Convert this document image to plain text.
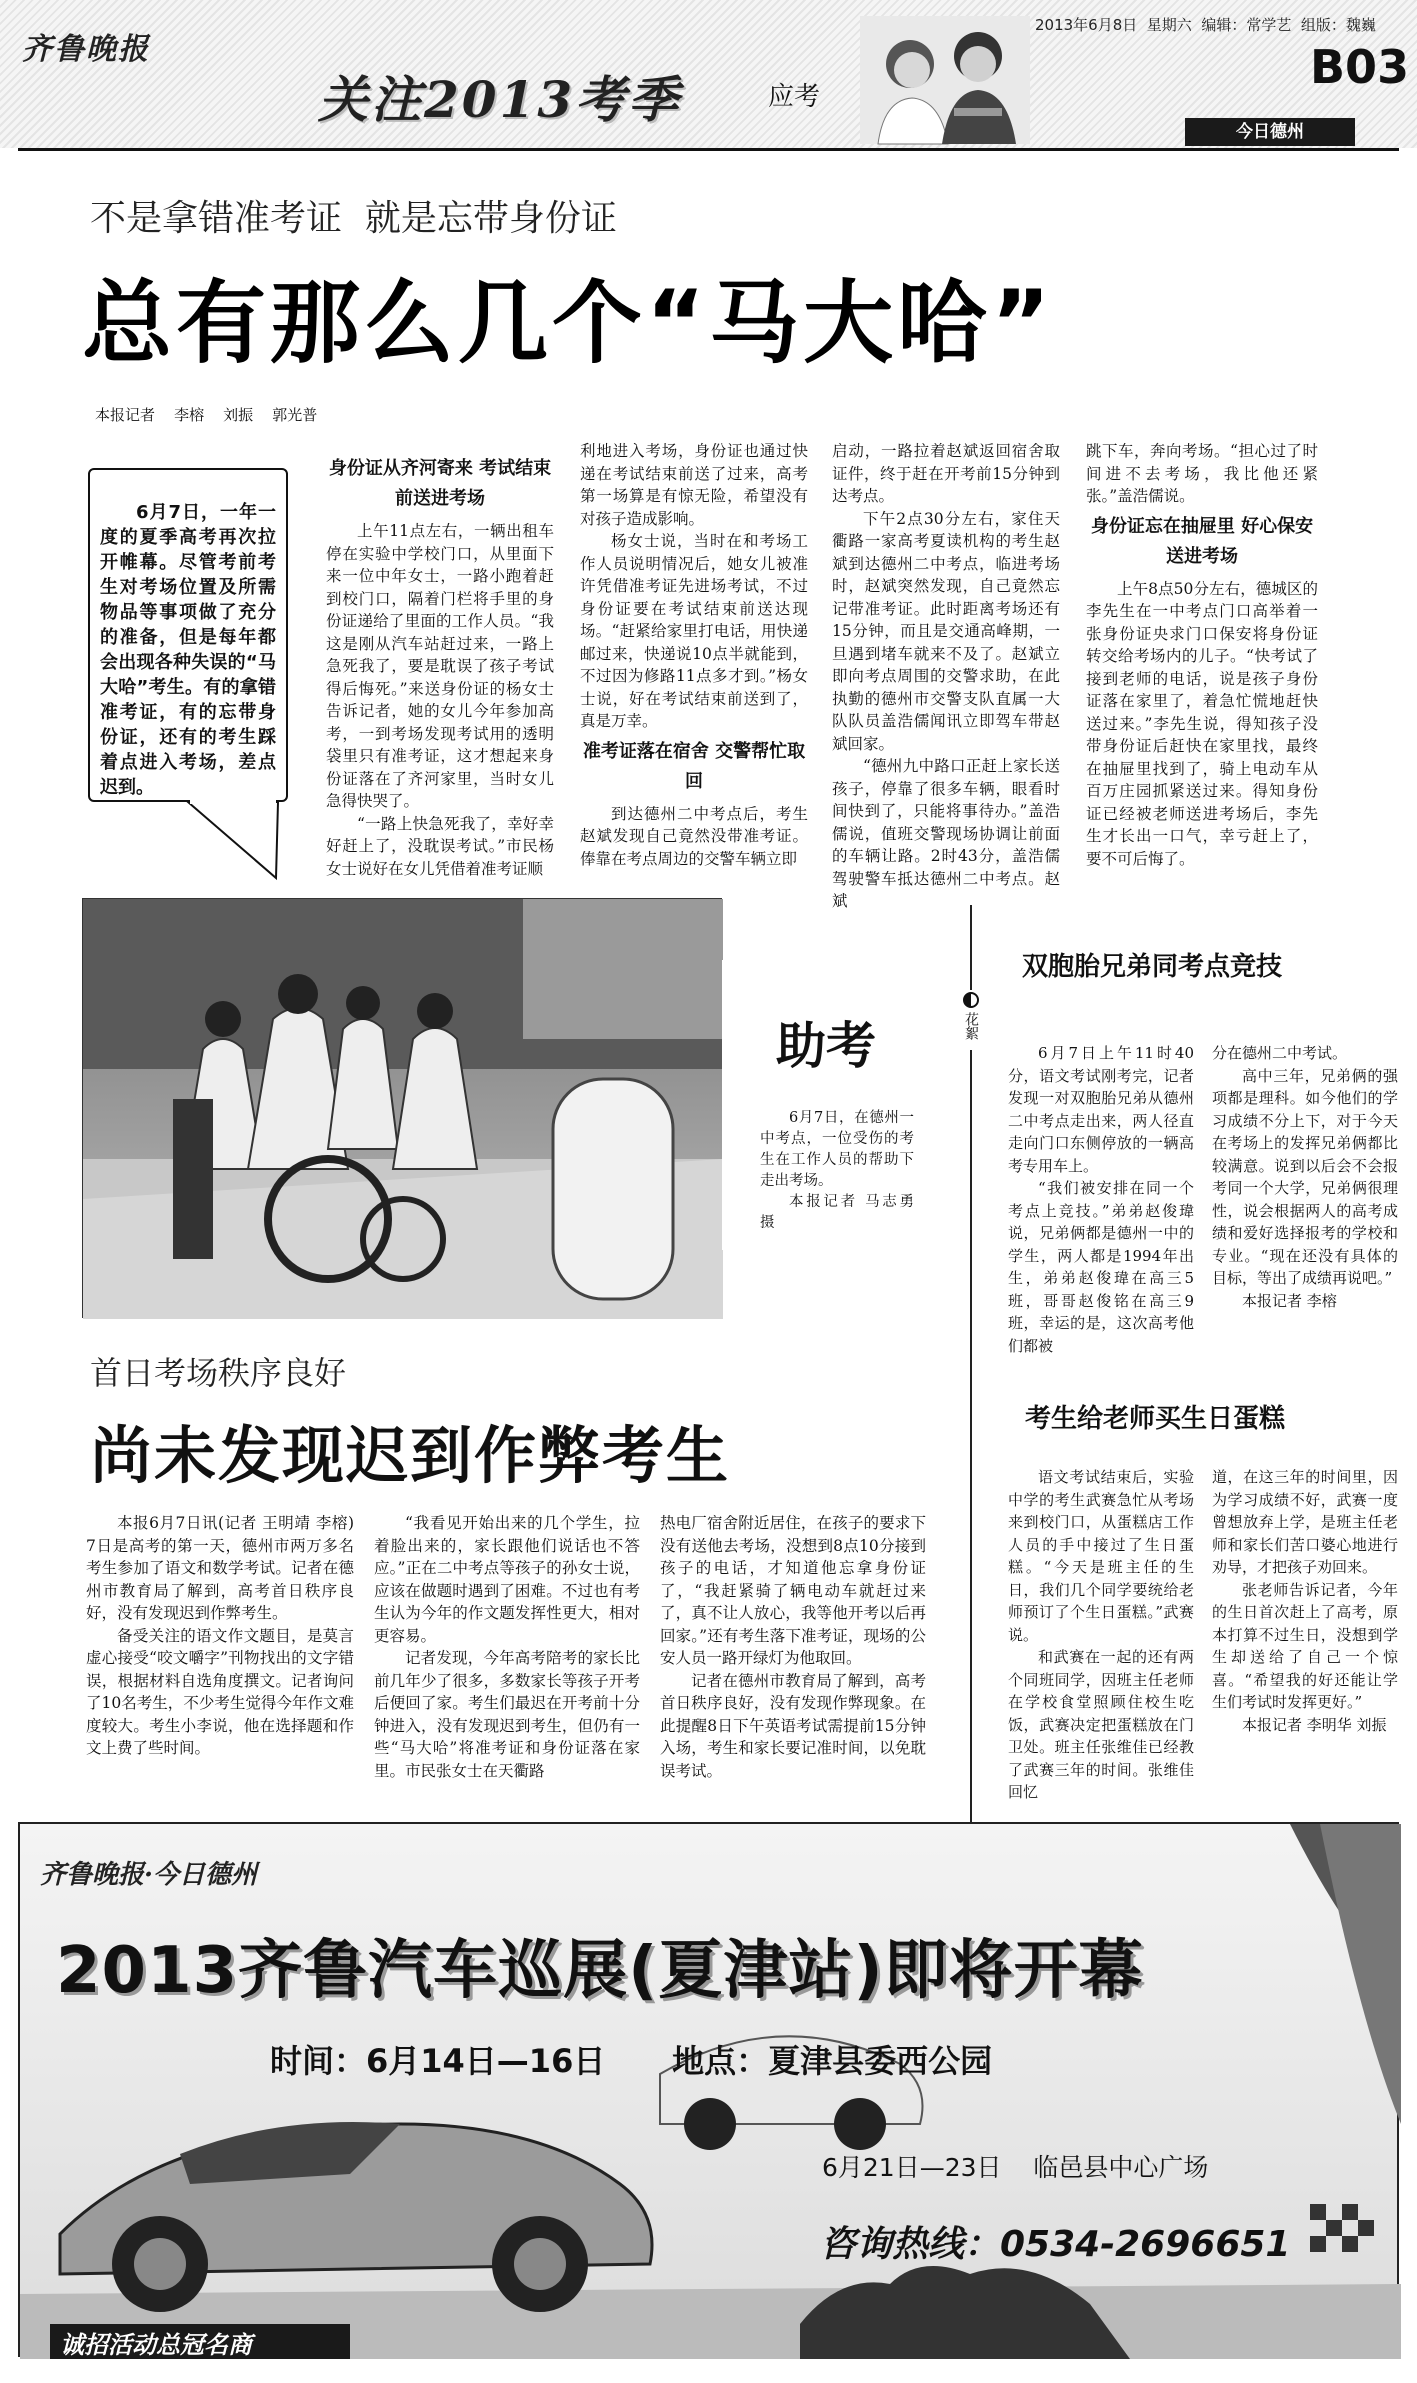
齐鲁晚报
关注2013考季	应考
2013年6月8日  星期六  编辑：常学艺  组版：魏巍
B03
今日德州
不是拿错准考证  就是忘带身份证
总有那么几个“马大哈”
本报记者    李榕    刘振    郭光普

6月7日，一年一度的夏季高考再次拉开帷幕。尽管考前考生对考场位置及所需物品等事项做了充分的准备，但是每年都会出现各种失误的“马大哈”考生。有的拿错准考证，有的忘带身份证，还有的考生踩着点进入考场，差点迟到。

身份证从齐河寄来 考试结束前送进考场

上午11点左右，一辆出租车停在实验中学校门口，从里面下来一位中年女士，一路小跑着赶到校门口，隔着门栏将手里的身份证递给了里面的工作人员。“我这是刚从汽车站赶过来，一路上急死我了，要是耽误了孩子考试得后悔死。”来送身份证的杨女士告诉记者，她的女儿今年参加高考，一到考场发现考试用的透明袋里只有准考证，这才想起来身份证落在了齐河家里，当时女儿急得快哭了。

“一路上快急死我了，幸好幸好赶上了，没耽误考试。”市民杨女士说好在女儿凭借着准考证顺

利地进入考场，身份证也通过快递在考试结束前送了过来，高考第一场算是有惊无险，希望没有对孩子造成影响。

杨女士说，当时在和考场工作人员说明情况后，她女儿被准许凭借准考证先进场考试，不过身份证要在考试结束前送达现场。“赶紧给家里打电话，用快递邮过来，快递说10点半就能到，不过因为修路11点多才到。”杨女士说，好在考试结束前送到了，真是万幸。

准考证落在宿舍 交警帮忙取回

到达德州二中考点后，考生赵斌发现自己竟然没带准考证。俸靠在考点周边的交警车辆立即

启动，一路拉着赵斌返回宿舍取证件，终于赶在开考前15分钟到达考点。

下午2点30分左右，家住天衢路一家高考夏读机构的考生赵斌到达德州二中考点，临进考场时，赵斌突然发现，自己竟然忘记带准考证。此时距离考场还有15分钟，而且是交通高峰期，一旦遇到堵车就来不及了。赵斌立即向考点周围的交警求助，在此执勤的德州市交警支队直属一大队队员盖浩儒闻讯立即驾车带赵斌回家。

“德州九中路口正赶上家长送孩子，停靠了很多车辆，眼看时间快到了，只能将事待办。”盖浩儒说，值班交警现场协调让前面的车辆让路。2时43分，盖浩儒驾驶警车抵达德州二中考点。赵斌

跳下车，奔向考场。“担心过了时间进不去考场，我比他还紧张。”盖浩儒说。

身份证忘在抽屉里 好心保安送进考场

上午8点50分左右，德城区的李先生在一中考点门口高举着一张身份证央求门口保安将身份证转交给考场内的儿子。“快考试了接到老师的电话，说是孩子身份证落在家里了，着急忙慌地赶快送过来。”李先生说，得知孩子没带身份证后赶快在家里找，最终在抽屉里找到了，骑上电动车从百万庄园抓紧送过来。得知身份证已经被老师送进考场后，李先生才长出一口气，幸亏赶上了，要不可后悔了。

助考

6月7日，在德州一中考点，一位受伤的考生在工作人员的帮助下走出考场。

本报记者 马志勇 摄

花絮
双胞胎兄弟同考点竞技

6月7日上午11时40分，语文考试刚考完，记者发现一对双胞胎兄弟从德州二中考点走出来，两人径直走向门口东侧停放的一辆高考专用车上。

“我们被安排在同一个考点上竞技。”弟弟赵俊瑋说，兄弟俩都是德州一中的学生，两人都是1994年出生，弟弟赵俊瑋在高三5班，哥哥赵俊铭在高三9班，幸运的是，这次高考他们都被

分在德州二中考试。

高中三年，兄弟俩的强项都是理科。如今他们的学习成绩不分上下，对于今天在考场上的发挥兄弟俩都比较满意。说到以后会不会报考同一个大学，兄弟俩很理性，说会根据两人的高考成绩和爱好选择报考的学校和专业。“现在还没有具体的目标，等出了成绩再说吧。”

本报记者 李榕

首日考场秩序良好
尚未发现迟到作弊考生

本报6月7日讯(记者 王明靖 李榕) 7日是高考的第一天，德州市两万多名考生参加了语文和数学考试。记者在德州市教育局了解到，高考首日秩序良好，没有发现迟到作弊考生。

备受关注的语文作文题目，是莫言虚心接受“咬文嚼字”刊物找出的文字错误，根据材料自选角度撰文。记者询问了10名考生，不少考生觉得今年作文难度较大。考生小李说，他在选择题和作文上费了些时间。

“我看见开始出来的几个学生，拉着脸出来的，家长跟他们说话也不答应。”正在二中考点等孩子的孙女士说，应该在做题时遇到了困难。不过也有考生认为今年的作文题发挥性更大，相对更容易。

记者发现，今年高考陪考的家长比前几年少了很多，多数家长等孩子开考后便回了家。考生们最迟在开考前十分钟进入，没有发现迟到考生，但仍有一些“马大哈”将准考证和身份证落在家里。市民张女士在天衢路

热电厂宿舍附近居住，在孩子的要求下没有送他去考场，没想到8点10分接到孩子的电话，才知道他忘拿身份证了，“我赶紧骑了辆电动车就赶过来了，真不让人放心，我等他开考以后再回家。”还有考生落下准考证，现场的公安人员一路开绿灯为他取回。

记者在德州市教育局了解到，高考首日秩序良好，没有发现作弊现象。在此提醒8日下午英语考试需提前15分钟入场，考生和家长要记准时间，以免耽误考试。

考生给老师买生日蛋糕

语文考试结束后，实验中学的考生武赛急忙从考场来到校门口，从蛋糕店工作人员的手中接过了生日蛋糕。“今天是班主任的生日，我们几个同学要统给老师预订了个生日蛋糕。”武赛说。

和武赛在一起的还有两个同班同学，因班主任老师在学校食堂照顾住校生吃饭，武赛决定把蛋糕放在门卫处。班主任张维佳已经教了武赛三年的时间。张维佳回忆

道，在这三年的时间里，因为学习成绩不好，武赛一度曾想放弃上学，是班主任老师和家长们苦口婆心地进行劝导，才把孩子劝回来。

张老师告诉记者，今年的生日首次赶上了高考，原本打算不过生日，没想到学生却送给了自己一个惊喜。“希望我的好还能让学生们考试时发挥更好。”

本报记者 李明华 刘振

齐鲁晚报·今日德州
2013齐鲁汽车巡展(夏津站)即将开幕
时间：6月14日—16日      地点：夏津县委西公园
6月21日—23日    临邑县中心广场
咨询热线：0534-2696651
诚招活动总冠名商
